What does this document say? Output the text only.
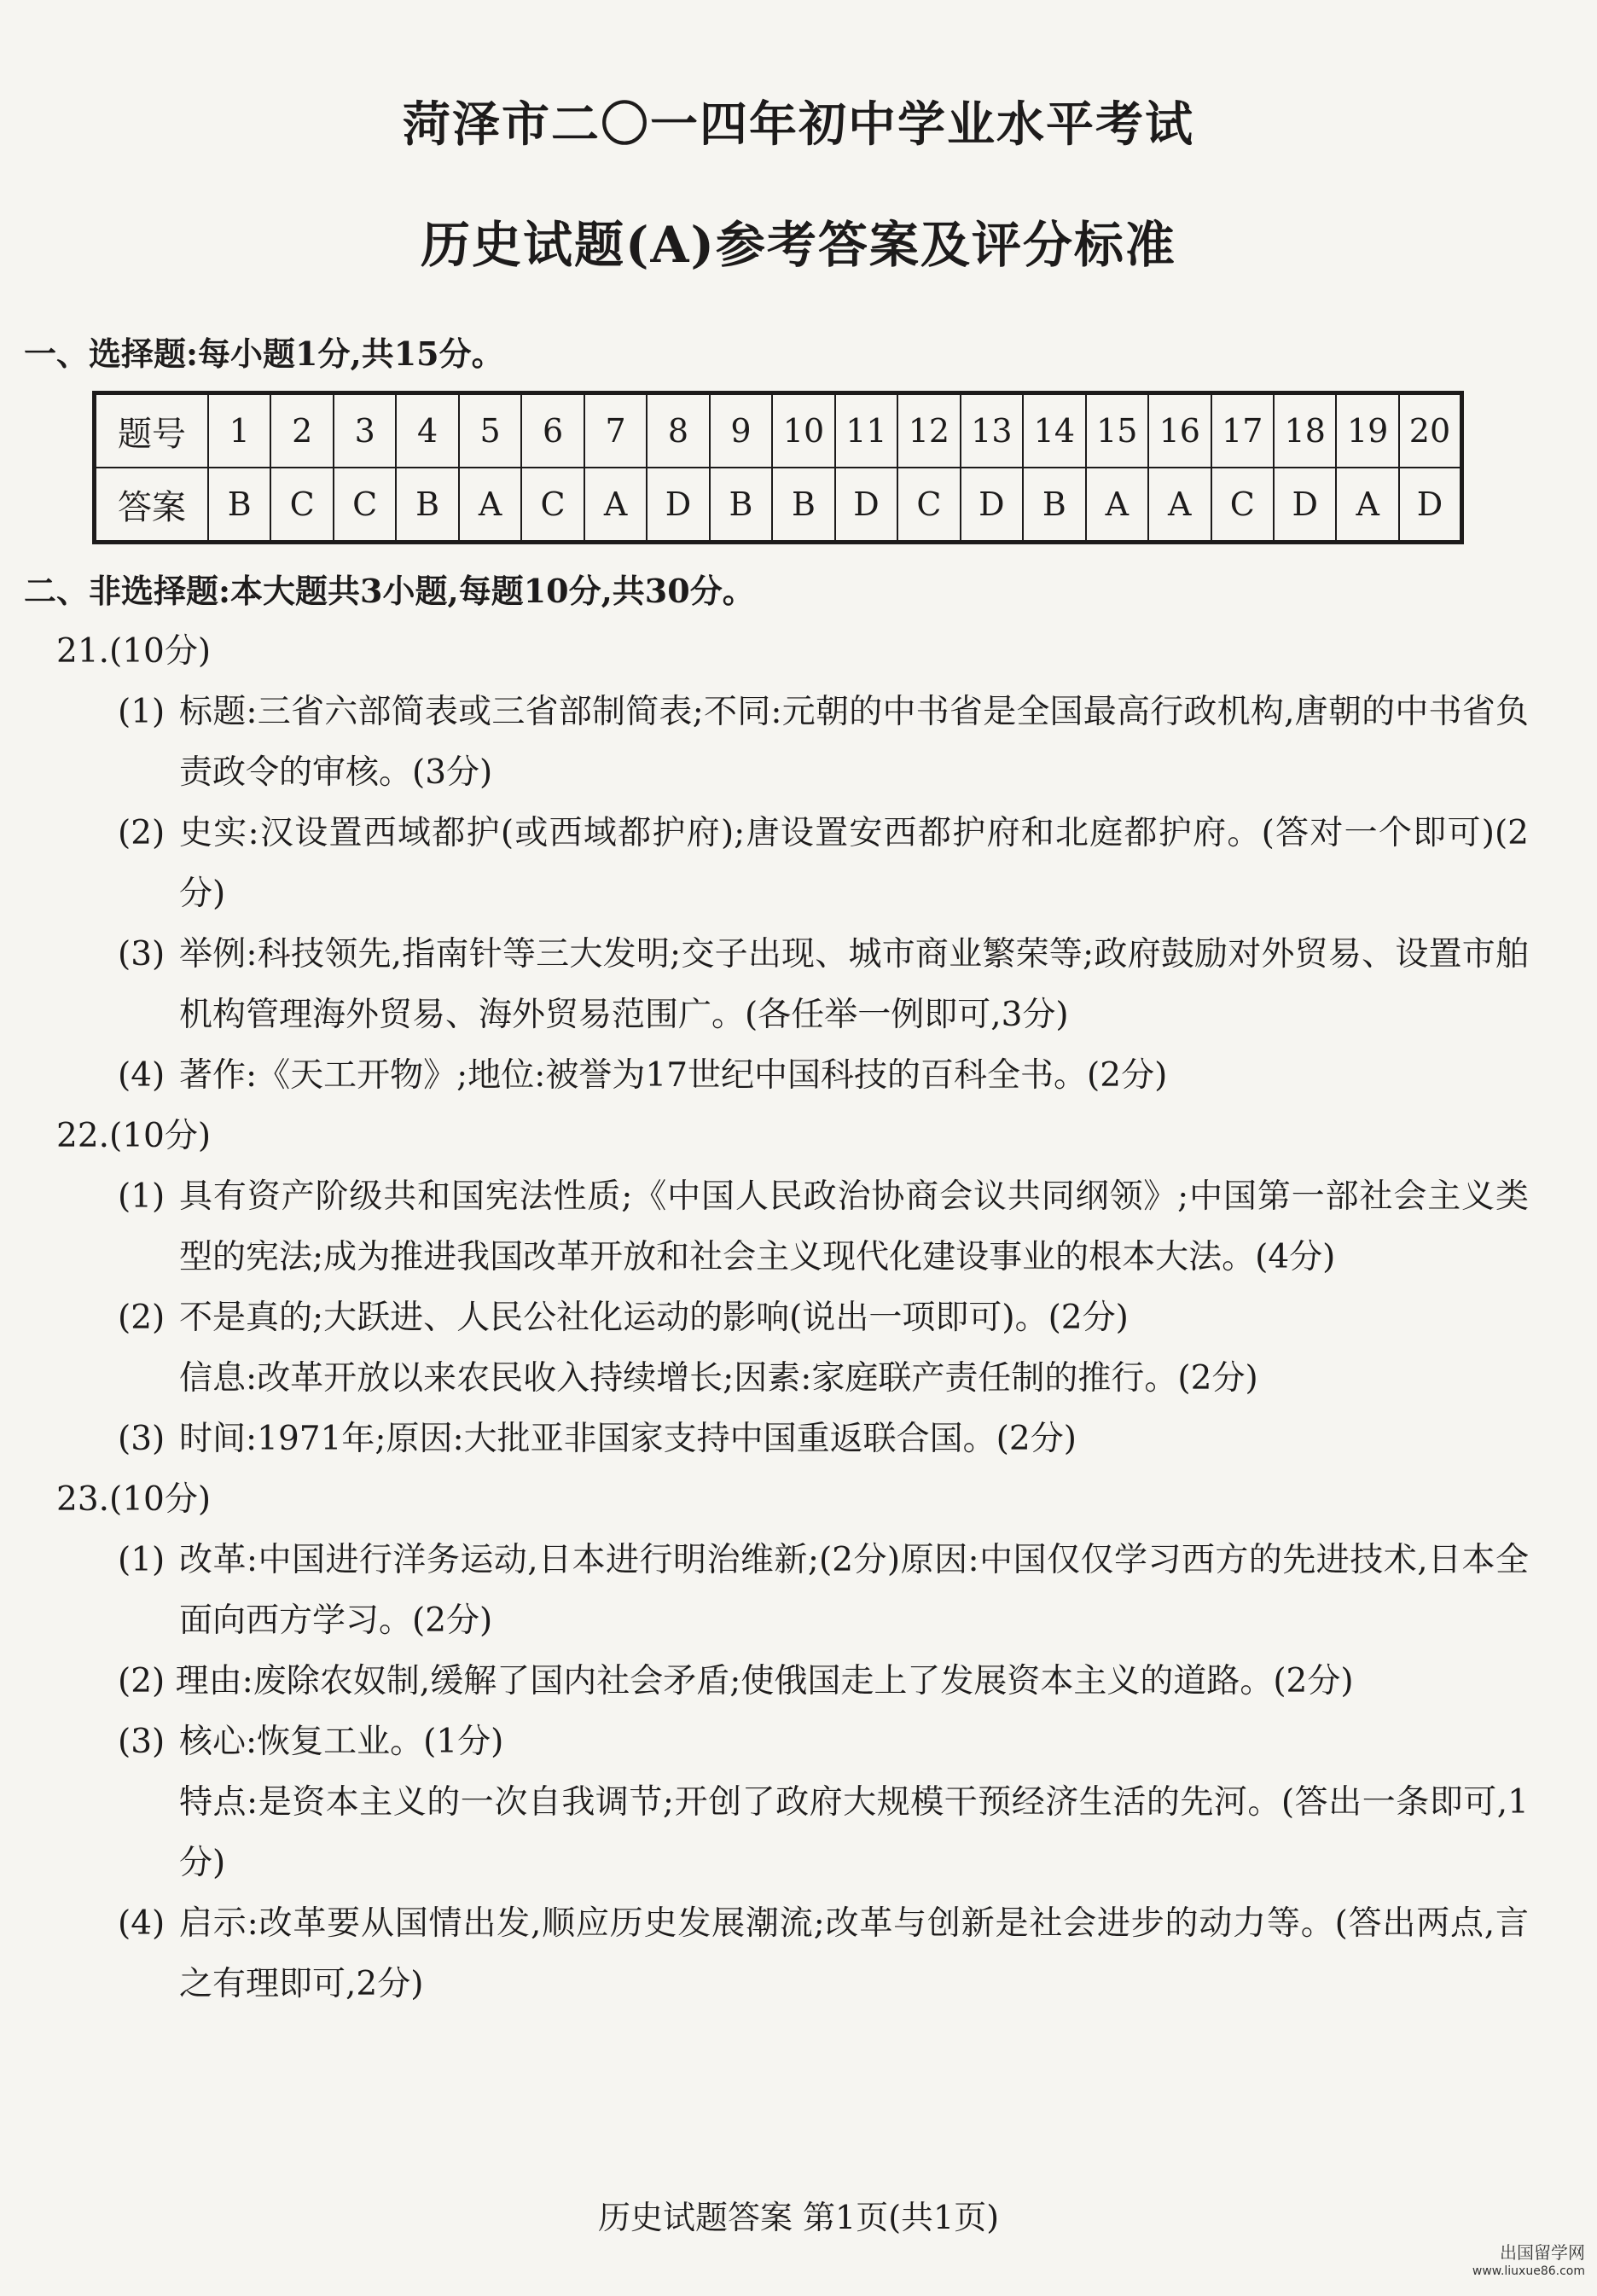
菏泽市二〇一四年初中学业水平考试
历史试题(A)参考答案及评分标准
一、选择题:每小题1分,共15分。
题号	1	2	3	4	5	6	7	8	9	10	11	12	13	14	15	16	17	18	19	20
答案	B	C	C	B	A	C	A	D	B	B	D	C	D	B	A	A	C	D	A	D
二、非选择题:本大题共3小题,每题10分,共30分。
21.(10分)
(1) 标题:三省六部简表或三省部制简表;不同:元朝的中书省是全国最高行政机构,唐朝的中书省负责政令的审核。(3分)
(2) 史实:汉设置西域都护(或西域都护府);唐设置安西都护府和北庭都护府。(答对一个即可)(2分)
(3) 举例:科技领先,指南针等三大发明;交子出现、城市商业繁荣等;政府鼓励对外贸易、设置市舶机构管理海外贸易、海外贸易范围广。(各任举一例即可,3分)
(4) 著作:《天工开物》;地位:被誉为17世纪中国科技的百科全书。(2分)
22.(10分)
(1) 具有资产阶级共和国宪法性质;《中国人民政治协商会议共同纲领》;中国第一部社会主义类型的宪法;成为推进我国改革开放和社会主义现代化建设事业的根本大法。(4分)
(2) 不是真的;大跃进、人民公社化运动的影响(说出一项即可)。(2分)
信息:改革开放以来农民收入持续增长;因素:家庭联产责任制的推行。(2分)
(3) 时间:1971年;原因:大批亚非国家支持中国重返联合国。(2分)
23.(10分)
(1) 改革:中国进行洋务运动,日本进行明治维新;(2分)原因:中国仅仅学习西方的先进技术,日本全面向西方学习。(2分)
(2) 理由:废除农奴制,缓解了国内社会矛盾;使俄国走上了发展资本主义的道路。(2分)
(3) 核心:恢复工业。(1分)
特点:是资本主义的一次自我调节;开创了政府大规模干预经济生活的先河。(答出一条即可,1分)
(4) 启示:改革要从国情出发,顺应历史发展潮流;改革与创新是社会进步的动力等。(答出两点,言之有理即可,2分)
历史试题答案 第1页(共1页)
出国留学网
www.liuxue86.com
